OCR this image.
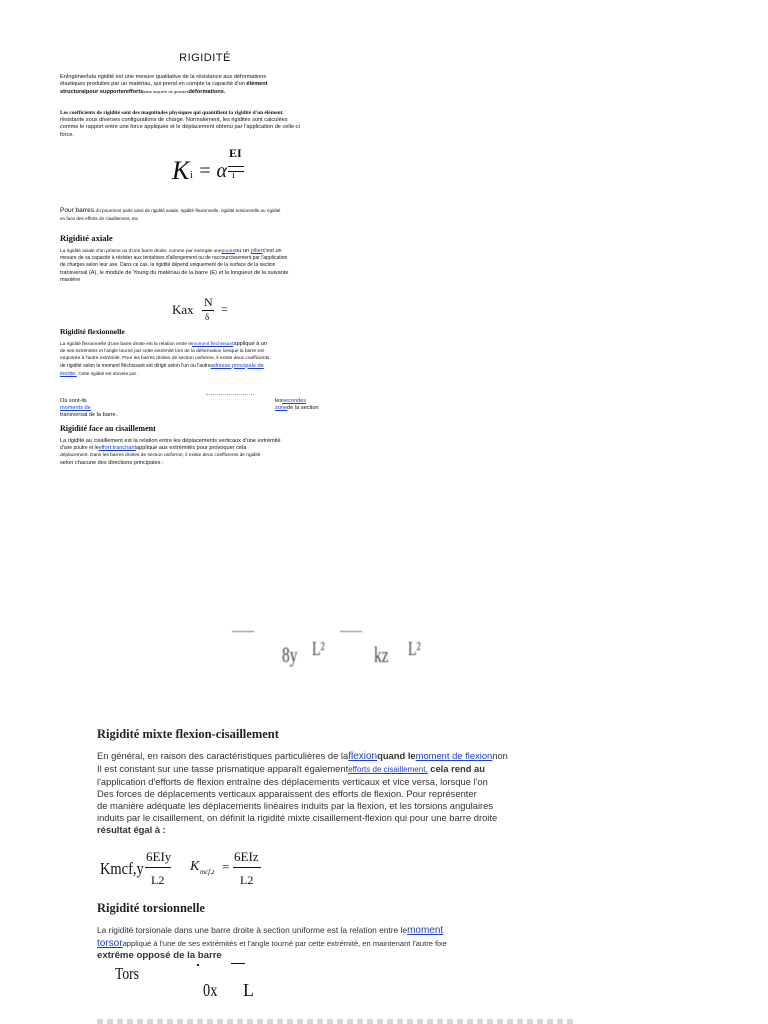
RIGIDITÉ
Enİngénierİela rigidité est une mesure qualitative de la résistance aux déformations
élastiques produites par un matériau, qui prend en compte la capacité d'un élément
structuralpour supportereffortssans acquérir de grandesdéformations.
Les coefficients de rigidité sont des magnitudes physiques qui quantifient la rigidité d'un élément.
résistante sous diverses configurations de charge. Normalement, les rigidités sont calculées
comme le rapport entre une force appliquée et le déplacement obtenu par l'application de celle-ci
force.
K i = α i
EI
Pour barres ďu pourrions parle ainsi de rigidité axiale, rigidité flexionnelle, rigidité torsionnelle ou rigidité
en face des efforts de cisaillement, etc.
Rigidité axiale
La rigidité axiale d'un prisme ou d'une barre droite, comme par exemple unepoutreou un pilierc'est un
mesure de sa capacité à résister aux tentatives d'allongement ou de raccourcissement par l'application
de charges selon leur axe. Dans ce cas, la rigidité dépend uniquement de la surface de la section
transversal (A), le module de Young du matériau de la barre (E) et la longueur de la suivante
manière
Kax N
δ
=
Rigidité flexionnelle
La rigidité flexionnelle d'une barre droite est la relation entre lemoment fléchissantappliqué à un
de ses extrémités et l'angle tourné par cette extrémité lors de la déformation lorsque la barre est
empotrée à l'autre extrémité. Pour les barres droites de section uniforme, il existe deux coefficients.
de rigidité selon le moment fléchissant est dirigé selon l'un ou l'autreadresse principale de
inertie. Cette rigidité est donnée par :
Où sont-ils
moments de
transversal de la barre.
lessecondes
zonede la section
Rigidité face au cisaillement
La rigidité au cisaillement est la relation entre les déplacements verticaux d'une extrémité
d'une poutre et leeffort tranchantappliqué aux extrémités pour provoquer cela
déplacement. Dans les barres droites de section uniforme, il existe deux coefficients de rigidité
selon chacune des directions principales :
8y L² kz L²
Rigidité mixte flexion-cisaillement
En général, en raison des caractéristiques particulières de laflexionquand lemoment de flexionnon
Il est constant sur une tasse prismatique apparaît égalementefforts de cisaillement, cela rend au
l'application d'efforts de flexion entraîne des déplacements verticaux et vice versa, lorsque l'on
Des forces de déplacements verticaux apparaissent des efforts de flexion. Pour représenter
de manière adéquate les déplacements linéaires induits par la flexion, et les torsions angulaires
induits par le cisaillement, on définit la rigidité mixte cisaillement-flexion qui pour une barre droite
résultat égal à :
Kmcf,y
6EIy
L2
K mcf,z =
6EIz
L2
Rigidité torsionnelle
La rigidité torsionale dans une barre droite à section uniforme est la relation entre lemoment
torsorappliqué à l'une de ses extrémités et l'angle tourné par cette extrémité, en maintenant l'autre fixe
extrême opposé de la barre
Tors
0x L
